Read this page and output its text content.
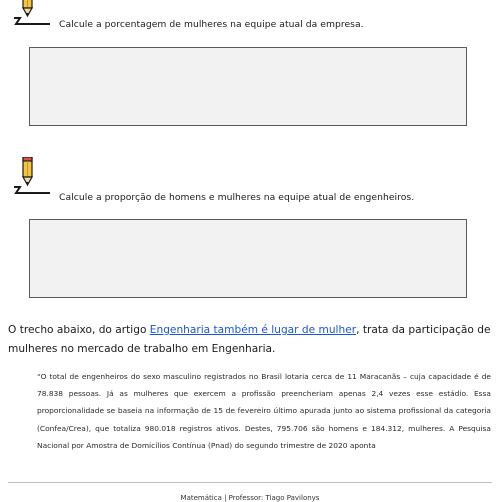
Calcule a porcentagem de mulheres na equipe atual da empresa.
Calcule a proporção de homens e mulheres na equipe atual de engenheiros.
O trecho abaixo, do artigo Engenharia também é lugar de mulher, trata da participação de mulheres no mercado de trabalho em Engenharia.
“O total de engenheiros do sexo masculino registrados no Brasil lotaria cerca de 11 Maracanãs – cuja capacidade é de 78.838 pessoas. Já as mulheres que exercem a profissão preencheriam apenas 2,4 vezes esse estádio. Essa proporcionalidade se baseia na informação de 15 de fevereiro último apurada junto ao sistema profissional da categoria (Confea/Crea), que totaliza 980.018 registros ativos. Destes, 795.706 são homens e 184.312, mulheres. A Pesquisa Nacional por Amostra de Domicílios Contínua (Pnad) do segundo trimestre de 2020 aponta
Matemática | Professor: Tiago Pavilonys
